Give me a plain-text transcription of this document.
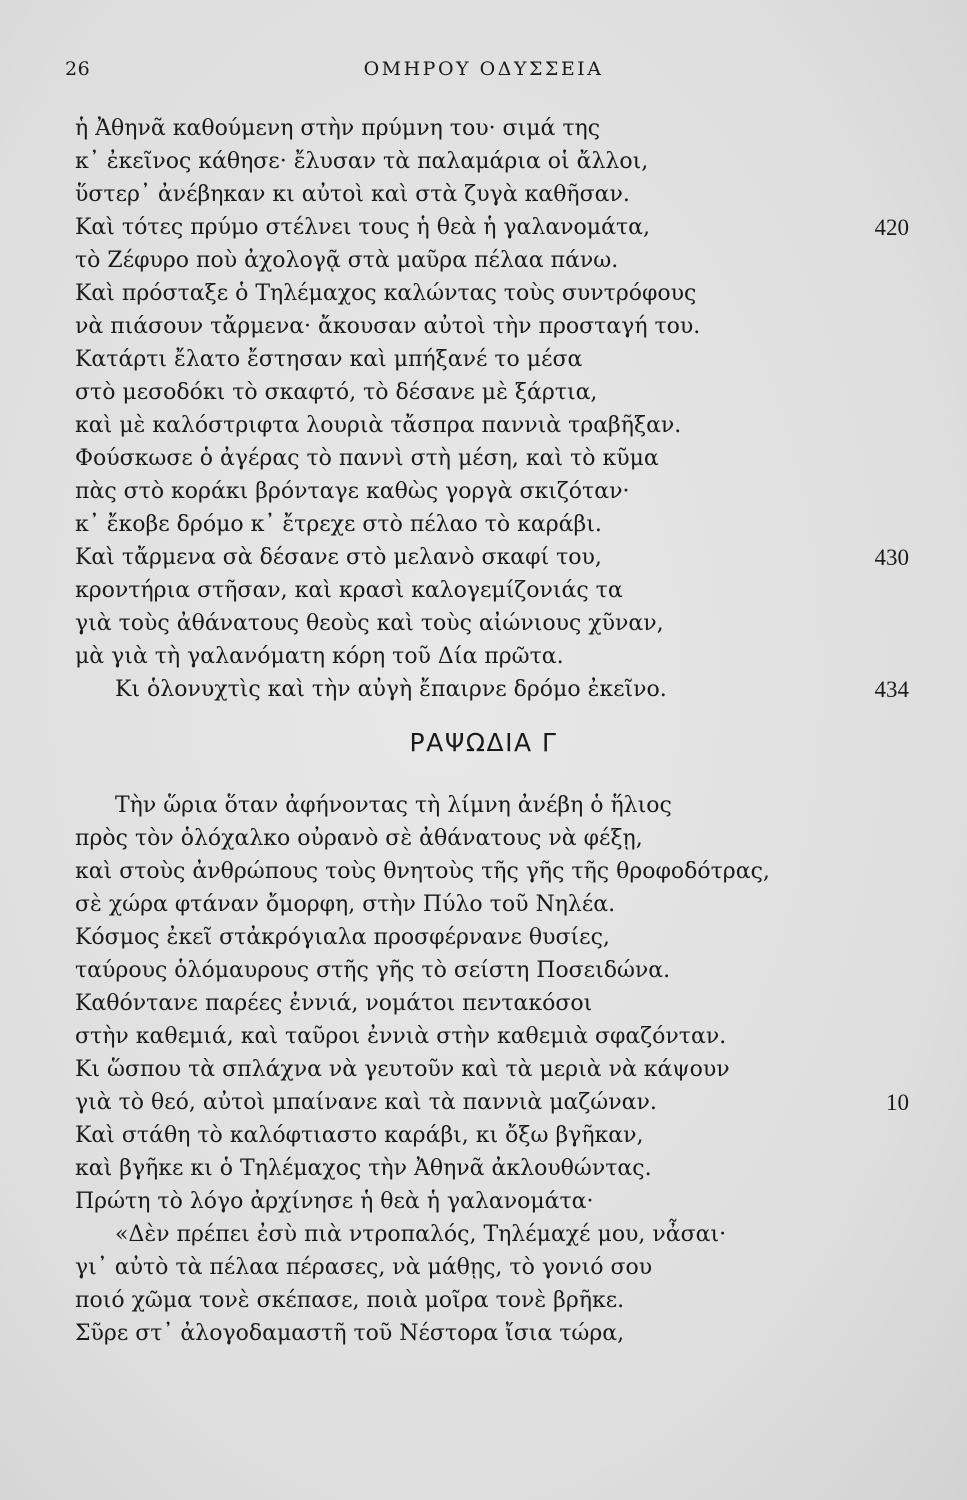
26	ΟΜΗΡΟΥ ΟΔΥΣΣΕΙΑ
ἡ Ἀθηνᾶ καθούμενη στὴν πρύμνη του· σιμά της
κ᾽ ἐκεῖνος κάθησε· ἔλυσαν τὰ παλαμάρια οἱ ἄλλοι,
ὕστερ᾽ ἀνέβηκαν κι αὐτοὶ καὶ στὰ ζυγὰ καθῆσαν.
Καὶ τότες πρύμο στέλνει τους ἡ θεὰ ἡ γαλανομάτα,	420
τὸ Ζέφυρο ποὺ ἀχολογᾷ στὰ μαῦρα πέλαα πάνω.
Καὶ πρόσταξε ὁ Τηλέμαχος καλώντας τοὺς συντρόφους
νὰ πιάσουν τἄρμενα· ἄκουσαν αὐτοὶ τὴν προσταγή του.
Κατάρτι ἔλατο ἔστησαν καὶ μπήξανέ το μέσα
στὸ μεσοδόκι τὸ σκαφτό, τὸ δέσανε μὲ ξάρτια,
καὶ μὲ καλόστριφτα λουριὰ τἄσπρα παννιὰ τραβῆξαν.
Φούσκωσε ὁ ἀγέρας τὸ παννὶ στὴ μέση, καὶ τὸ κῦμα
πὰς στὸ κοράκι βρόνταγε καθὼς γοργὰ σκιζόταν·
κ᾽ ἔκοβε δρόμο κ᾽ ἔτρεχε στὸ πέλαο τὸ καράβι.
Καὶ τἄρμενα σὰ δέσανε στὸ μελανὸ σκαφί του,	430
κροντήρια στῆσαν, καὶ κρασὶ καλογεμίζονιάς τα
γιὰ τοὺς ἀθάνατους θεοὺς καὶ τοὺς αἰώνιους χῦναν,
μὰ γιὰ τὴ γαλανόματη κόρη τοῦ Δία πρῶτα.
Κι ὁλονυχτὶς καὶ τὴν αὐγὴ ἔπαιρνε δρόμο ἐκεῖνο.	434
ΡΑΨΩΔΙΑ Γ
Τὴν ὥρια ὅταν ἀφήνοντας τὴ λίμνη ἀνέβη ὁ ἥλιος
πρὸς τὸν ὁλόχαλκο οὐρανὸ σὲ ἀθάνατους νὰ φέξῃ,
καὶ στοὺς ἀνθρώπους τοὺς θνητοὺς τῆς γῆς τῆς θροφοδότρας,
σὲ χώρα φτάναν ὄμορφη, στὴν Πύλο τοῦ Νηλέα.
Κόσμος ἐκεῖ στἀκρόγιαλα προσφέρνανε θυσίες,
ταύρους ὁλόμαυρους στῆς γῆς τὸ σείστη Ποσειδώνα.
Καθόντανε παρέες ἐννιά, νομάτοι πεντακόσοι
στὴν καθεμιά, καὶ ταῦροι ἐννιὰ στὴν καθεμιὰ σφαζόνταν.
Κι ὥσπου τὰ σπλάχνα νὰ γευτοῦν καὶ τὰ μεριὰ νὰ κάψουν
γιὰ τὸ θεό, αὐτοὶ μπαίνανε καὶ τὰ παννιὰ μαζώναν.	10
Καὶ στάθη τὸ καλόφτιαστο καράβι, κι ὄξω βγῆκαν,
καὶ βγῆκε κι ὁ Τηλέμαχος τὴν Ἀθηνᾶ ἀκλουθώντας.
Πρώτη τὸ λόγο ἀρχίνησε ἡ θεὰ ἡ γαλανομάτα·
«Δὲν πρέπει ἐσὺ πιὰ ντροπαλός, Τηλέμαχέ μου, νἆσαι·
γι᾽ αὐτὸ τὰ πέλαα πέρασες, νὰ μάθῃς, τὸ γονιό σου
ποιό χῶμα τονὲ σκέπασε, ποιὰ μοῖρα τονὲ βρῆκε.
Σῦρε στ᾽ ἀλογοδαμαστῆ τοῦ Νέστορα ἴσια τώρα,
